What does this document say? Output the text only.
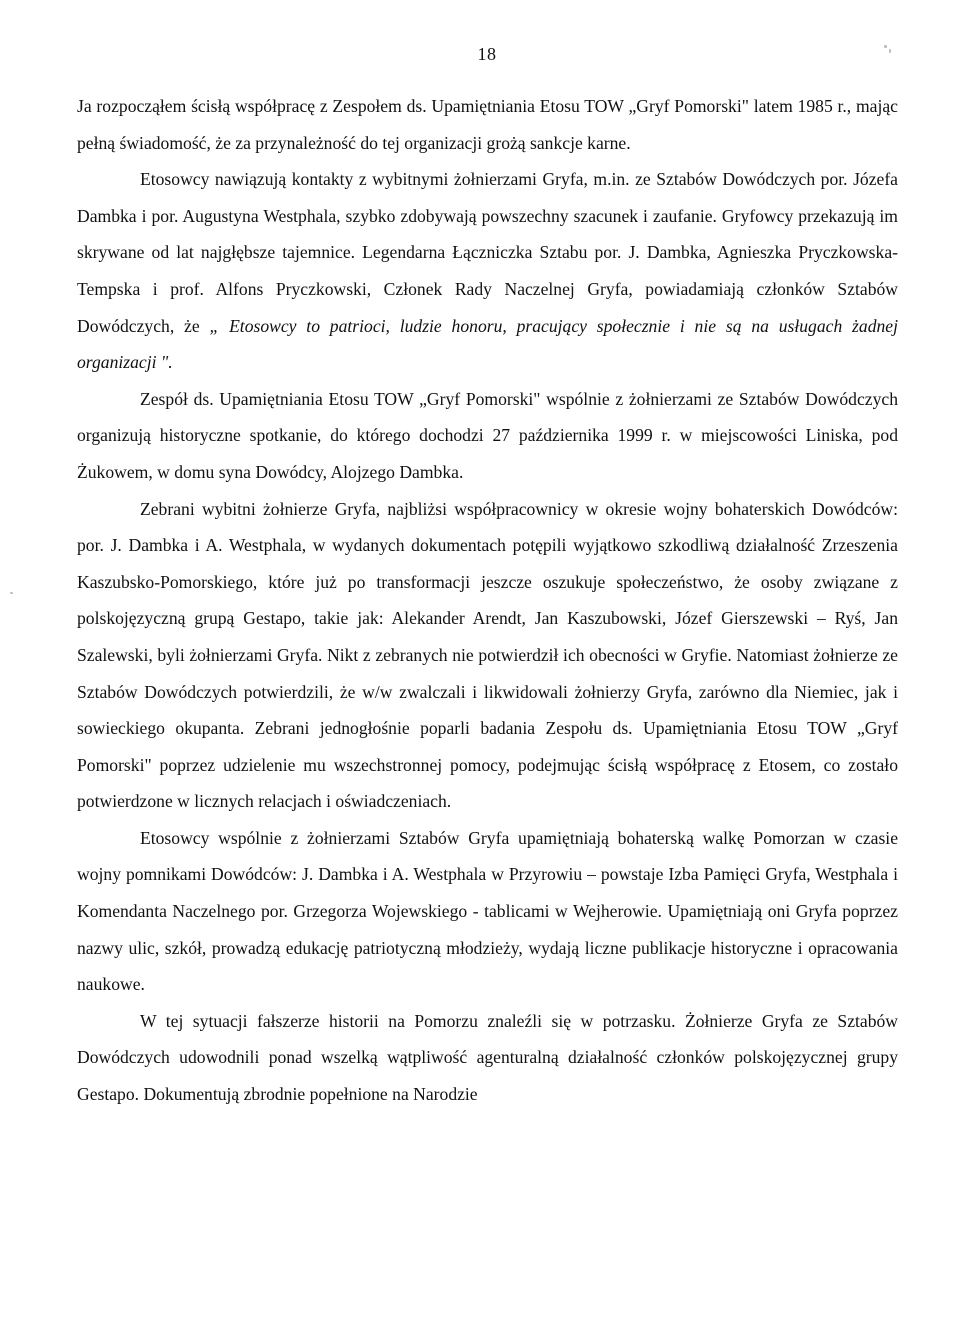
18

Ja rozpocząłem ścisłą współpracę z Zespołem ds. Upamiętniania Etosu TOW „Gryf Pomorski" latem 1985 r., mając pełną świadomość, że za przynależność do tej organizacji grożą sankcje karne.

Etosowcy nawiązują kontakty z wybitnymi żołnierzami Gryfa, m.in. ze Sztabów Dowódczych por. Józefa Dambka i por. Augustyna Westphala, szybko zdobywają powszechny szacunek i zaufanie. Gryfowcy przekazują im skrywane od lat najgłębsze tajemnice. Legendarna Łączniczka Sztabu por. J. Dambka, Agnieszka Pryczkowska-Tempska i prof. Alfons Pryczkowski, Członek Rady Naczelnej Gryfa, powiadamiają członków Sztabów Dowódczych, że „ Etosowcy to patrioci, ludzie honoru, pracujący społecznie i nie są na usługach żadnej organizacji ".

Zespół ds. Upamiętniania Etosu TOW „Gryf Pomorski" wspólnie z żołnierzami ze Sztabów Dowódczych organizują historyczne spotkanie, do którego dochodzi 27 października 1999 r. w miejscowości Liniska, pod Żukowem, w domu syna Dowódcy, Alojzego Dambka.

Zebrani wybitni żołnierze Gryfa, najbliżsi współpracownicy w okresie wojny bohaterskich Dowódców: por. J. Dambka i A. Westphala, w wydanych dokumentach potępili wyjątkowo szkodliwą działalność Zrzeszenia Kaszubsko-Pomorskiego, które już po transformacji jeszcze oszukuje społeczeństwo, że osoby związane z polskojęzyczną grupą Gestapo, takie jak: Alekander Arendt, Jan Kaszubowski, Józef Gierszewski – Ryś, Jan Szalewski, byli żołnierzami Gryfa. Nikt z zebranych nie potwierdził ich obecności w Gryfie. Natomiast żołnierze ze Sztabów Dowódczych potwierdzili, że w/w zwalczali i likwidowali żołnierzy Gryfa, zarówno dla Niemiec, jak i sowieckiego okupanta. Zebrani jednogłośnie poparli badania Zespołu ds. Upamiętniania Etosu TOW „Gryf Pomorski" poprzez udzielenie mu wszechstronnej pomocy, podejmując ścisłą współpracę z Etosem, co zostało potwierdzone w licznych relacjach i oświadczeniach.

Etosowcy wspólnie z żołnierzami Sztabów Gryfa upamiętniają bohaterską walkę Pomorzan w czasie wojny pomnikami Dowódców: J. Dambka i A. Westphala w Przyrowiu – powstaje Izba Pamięci Gryfa, Westphala i Komendanta Naczelnego por. Grzegorza Wojewskiego - tablicami w Wejherowie. Upamiętniają oni Gryfa poprzez nazwy ulic, szkół, prowadzą edukację patriotyczną młodzieży, wydają liczne publikacje historyczne i opracowania naukowe.

W tej sytuacji fałszerze historii na Pomorzu znaleźli się w potrzasku. Żołnierze Gryfa ze Sztabów Dowódczych udowodnili ponad wszelką wątpliwość agenturalną działalność członków polskojęzycznej grupy Gestapo. Dokumentują zbrodnie popełnione na Narodzie
